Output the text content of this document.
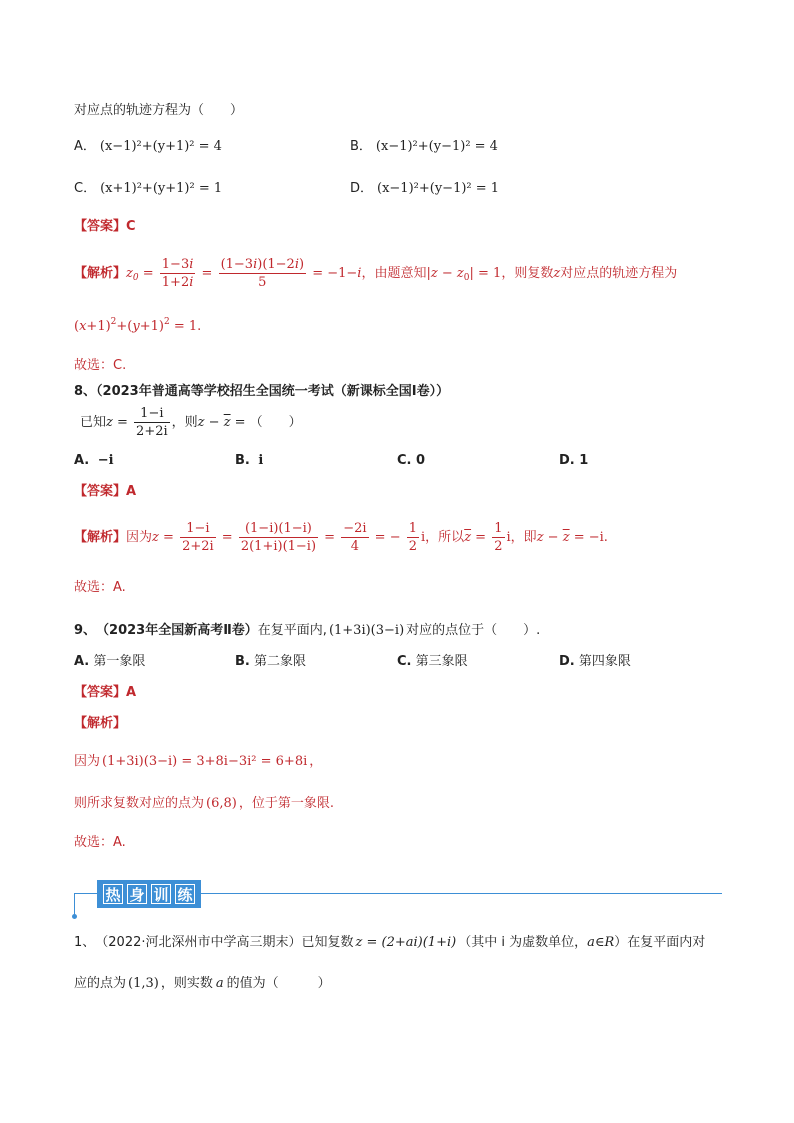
对应点的轨迹方程为（　　）
A． (x−1)²+(y+1)² = 4	B． (x−1)²+(y−1)² = 4
C． (x+1)²+(y+1)² = 1	D． (x−1)²+(y−1)² = 1
【答案】C
【解析】 $z_0 = \frac{1-3i}{1+2i} = \frac{(1-3i)(1-2i)}{5} = -1-i$ ，由题意知 $|z - z_0| = 1$ ，则复数 z 对应点的轨迹方程为
$(x+1)^2+(y+1)^2 = 1$ .
故选：C.
8、（2023年普通高等学校招生全国统一考试（新课标全国Ⅰ卷））
已知 $z = \frac{1-i}{2+2i}$ ，则 $z - \overline{z}$ = （　　）
A. −i	B. i	C. 0	D. 1
【答案】A
【解析】 因为 $z = \frac{1-i}{2+2i} = \frac{(1-i)(1-i)}{2(1+i)(1-i)} = \frac{-2i}{4}$ = − $\frac{1}{2}$ i ，所以 $\overline{z} = \frac{1}{2}$ i ，即 $z - \overline{z} = -i$ .
故选：A.
9、 （2023年全国新高考Ⅱ卷） 在复平面内, (1+3i)(3−i) 对应的点位于（　　）.
A. 第一象限	B. 第二象限	C. 第三象限	D. 第四象限
【答案】A
【解析】
因为 (1+3i)(3−i) = 3+8i−3i² = 6+8i ，
则所求复数对应的点为 (6,8) ，位于第一象限.
故选：A.
热 身 训 练
1、 （2022·河北深州市中学高三期末） 已知复数 z = (2+ai)(1+i) （其中 i 为虚数单位， a∈R ）在复平面内对
应的点为 (1,3) ，则实数 a 的值为（　　　）
